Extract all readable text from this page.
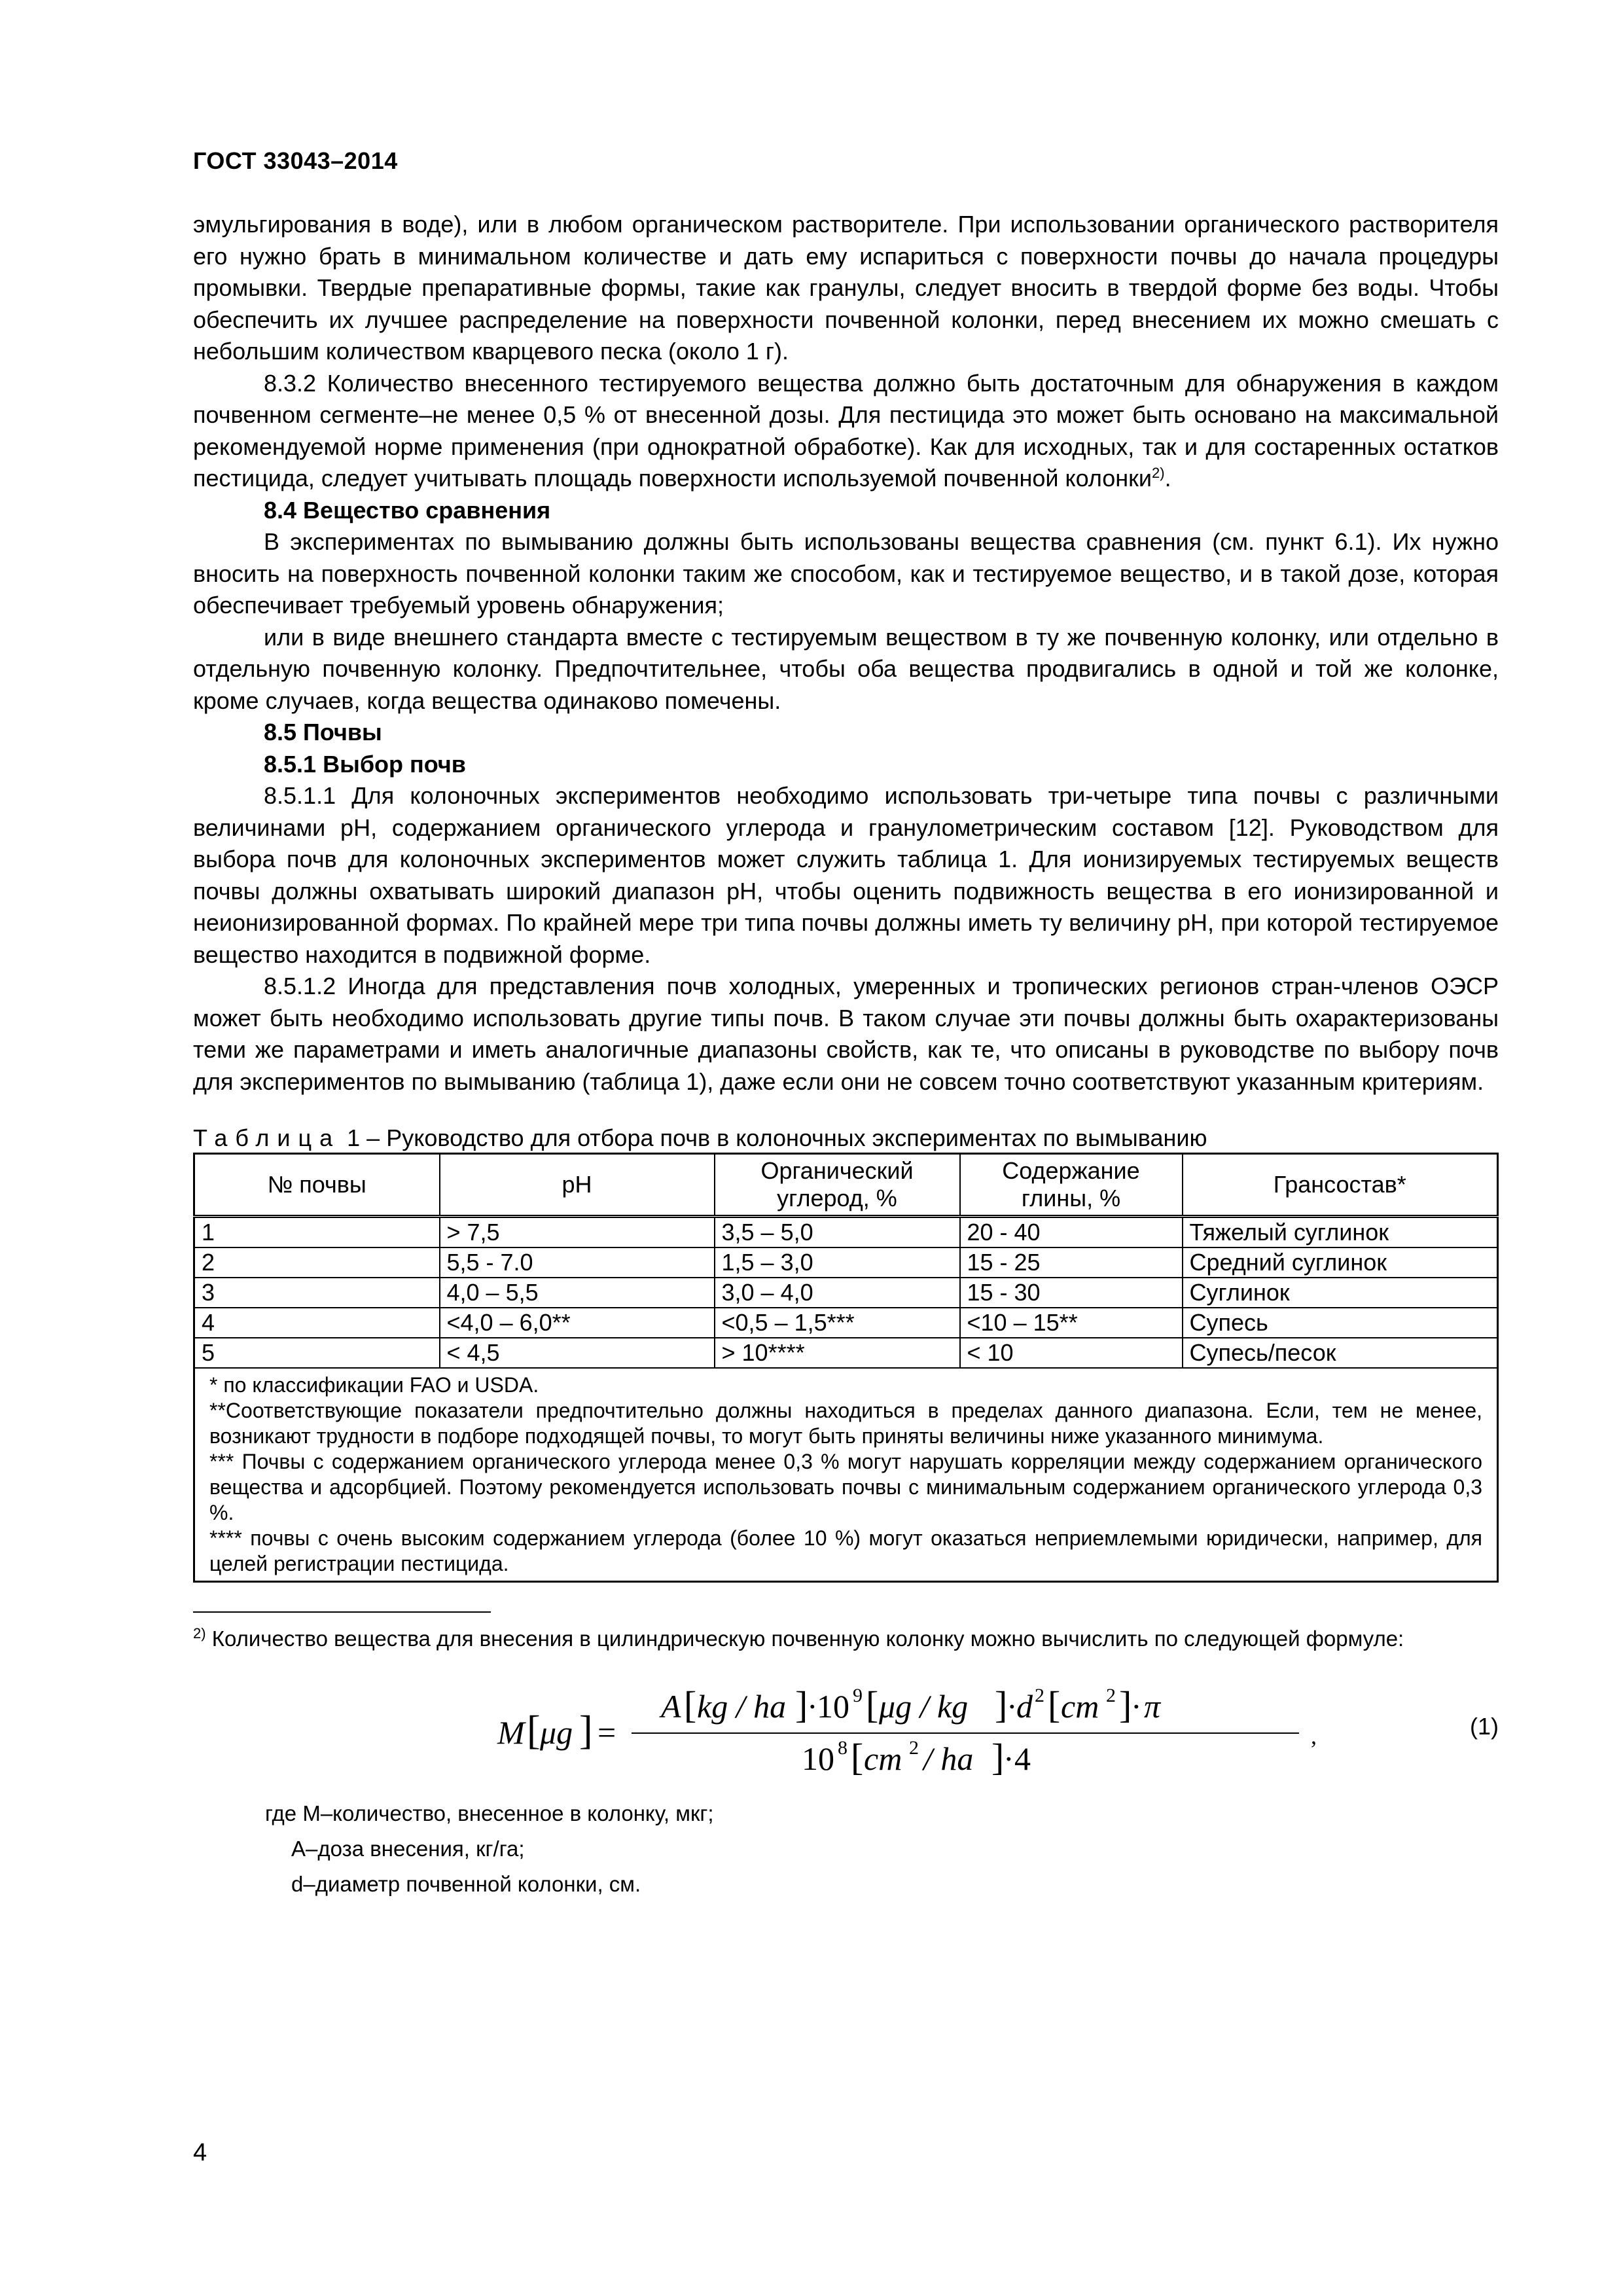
ГОСТ 33043–2014

эмульгирования в воде), или в любом органическом растворителе. При использовании органического растворителя его нужно брать в минимальном количестве и дать ему испариться с поверхности почвы до начала процедуры промывки. Твердые препаративные формы, такие как гранулы, следует вносить в твердой форме без воды. Чтобы обеспечить их лучшее распределение на поверхности почвенной колонки, перед внесением их можно смешать с небольшим количеством кварцевого песка (около 1 г).

8.3.2 Количество внесенного тестируемого вещества должно быть достаточным для обнаружения в каждом почвенном сегменте–не менее 0,5 % от внесенной дозы. Для пестицида это может быть основано на максимальной рекомендуемой норме применения (при однократной обработке). Как для исходных, так и для состаренных остатков пестицида, следует учитывать площадь поверхности используемой почвенной колонки$^{2)}$.

8.4 Вещество сравнения

В экспериментах по вымыванию должны быть использованы вещества сравнения (см. пункт 6.1). Их нужно вносить на поверхность почвенной колонки таким же способом, как и тестируемое вещество, и в такой дозе, которая обеспечивает требуемый уровень обнаружения;

или в виде внешнего стандарта вместе с тестируемым веществом в ту же почвенную колонку, или отдельно в отдельную почвенную колонку. Предпочтительнее, чтобы оба вещества продвигались в одной и той же колонке, кроме случаев, когда вещества одинаково помечены.

8.5 Почвы

8.5.1 Выбор почв

8.5.1.1 Для колоночных экспериментов необходимо использовать три-четыре типа почвы с различными величинами рН, содержанием органического углерода и гранулометрическим составом [12]. Руководством для выбора почв для колоночных экспериментов может служить таблица 1. Для ионизируемых тестируемых веществ почвы должны охватывать широкий диапазон рН, чтобы оценить подвижность вещества в его ионизированной и неионизированной формах. По крайней мере три типа почвы должны иметь ту величину рН, при которой тестируемое вещество находится в подвижной форме.

8.5.1.2 Иногда для представления почв холодных, умеренных и тропических регионов стран-членов ОЭСР может быть необходимо использовать другие типы почв. В таком случае эти почвы должны быть охарактеризованы теми же параметрами и иметь аналогичные диапазоны свойств, как те, что описаны в руководстве по выбору почв для экспериментов по вымыванию (таблица 1), даже если они не совсем точно соответствуют указанным критериям.

Таблица 1 – Руководство для отбора почв в колоночных экспериментах по вымыванию
№ почвы	рН	Органический углерод, %	Содержание глины, %	Грансостав*
1	> 7,5	3,5 – 5,0	20 - 40	Тяжелый суглинок
2	5,5 - 7.0	1,5 – 3,0	15 - 25	Средний суглинок
3	4,0 – 5,5	3,0 – 4,0	15 - 30	Суглинок
4	<4,0 – 6,0**	<0,5 – 1,5***	<10 – 15**	Супесь
5	< 4,5	> 10****	< 10	Супесь/песок

* по классификации FAO и USDA.

**Соответствующие показатели предпочтительно должны находиться в пределах данного диапазона. Если, тем не менее, возникают трудности в подборе подходящей почвы, то могут быть приняты величины ниже указанного минимума.

*** Почвы с содержанием органического углерода менее 0,3 % могут нарушать корреляции между содержанием органического вещества и адсорбцией. Поэтому рекомендуется использовать почвы с минимальным содержанием органического углерода 0,3 %.

**** почвы с очень высоким содержанием углерода (более 10 %) могут оказаться неприемлемыми юридически, например, для целей регистрации пестицида.				

$^{2)}$ Количество вещества для внесения в цилиндрическую почвенную колонку можно вычислить по следующей формуле:
M [ μg ] =
A [ kg / ha ]
·
10 9 [ μg / kg ]
·
d 2 [ cm 2 ]
· π
10 8 [ cm 2 / ha ]
· 4
,	(1)
где М–количество, внесенное в колонку, мкг;
А–доза внесения, кг/га;
d–диаметр почвенной колонки, см.
4
